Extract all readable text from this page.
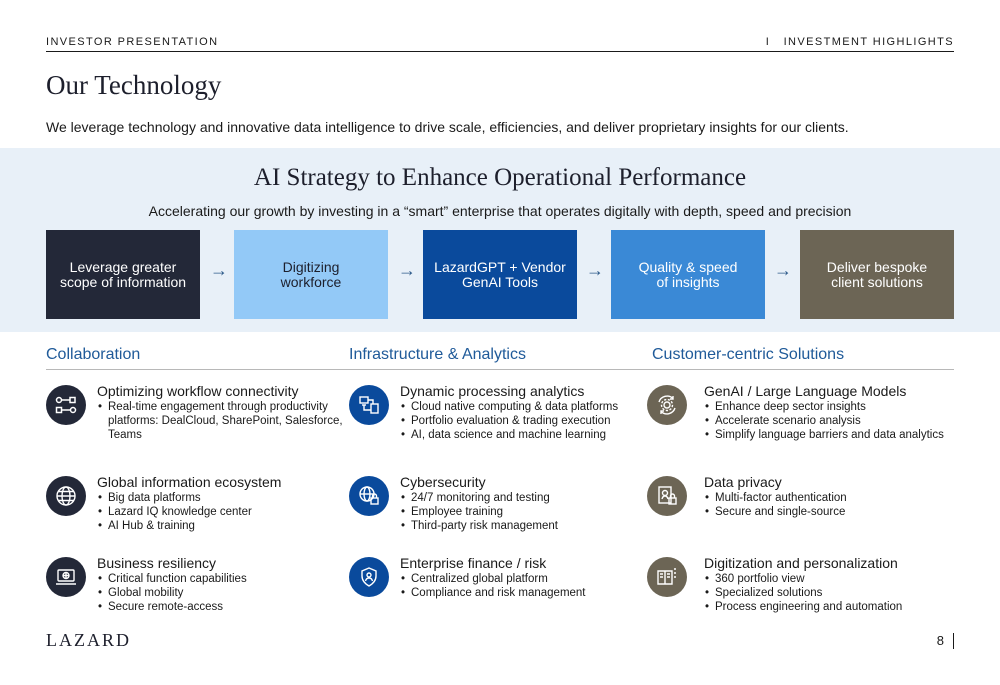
INVESTOR PRESENTATION	I   INVESTMENT HIGHLIGHTS
Our Technology
We leverage technology and innovative data intelligence to drive scale, efficiencies, and deliver proprietary insights for our clients.
AI Strategy to Enhance Operational Performance
Accelerating our growth by investing in a “smart” enterprise that operates digitally with depth, speed and precision
Leverage greater
scope of information
→	Digitizing
workforce
→	LazardGPT + Vendor
GenAI Tools
→	Quality & speed
of insights
→	Deliver bespoke
client solutions
Collaboration	Infrastructure & Analytics	Customer-centric Solutions
Optimizing workflow connectivity
• Real-time engagement through productivity platforms: DealCloud, SharePoint, Salesforce, Teams
Global information ecosystem
• Big data platforms
• Lazard IQ knowledge center
• AI Hub & training
Business resiliency
• Critical function capabilities
• Global mobility
• Secure remote-access
Dynamic processing analytics
• Cloud native computing & data platforms
• Portfolio evaluation & trading execution
• AI, data science and machine learning
Cybersecurity
• 24/7 monitoring and testing
• Employee training
• Third-party risk management
Enterprise finance / risk
• Centralized global platform
• Compliance and risk management
GenAI / Large Language Models
• Enhance deep sector insights
• Accelerate scenario analysis
• Simplify language barriers and data analytics
Data privacy
• Multi-factor authentication
• Secure and single-source
Digitization and personalization
• 360 portfolio view
• Specialized solutions
• Process engineering and automation
LAZARD	8
